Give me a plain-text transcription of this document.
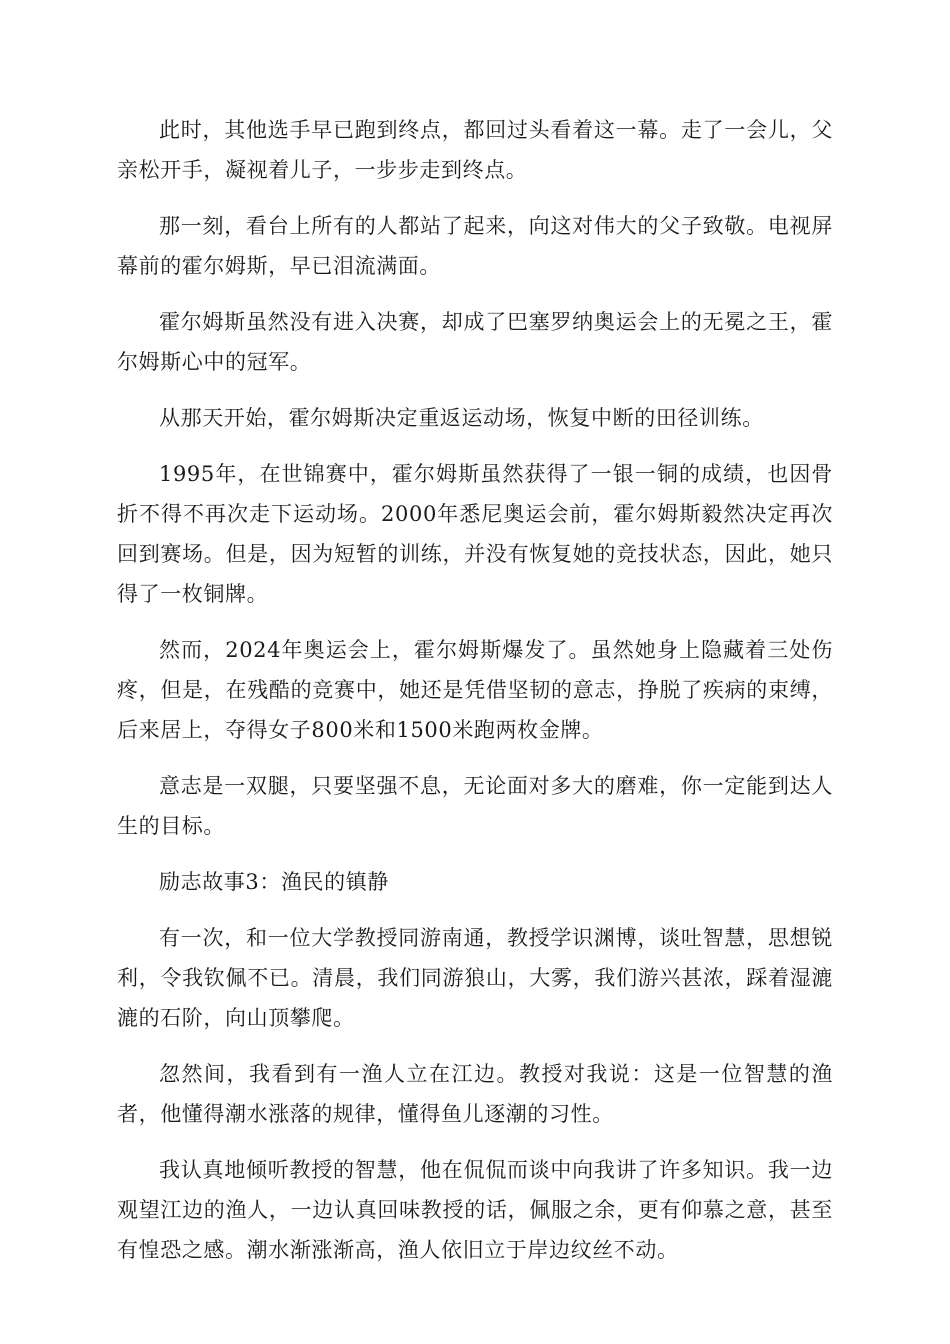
此时，其他选手早已跑到终点，都回过头看着这一幕。走了一会儿，父亲松开手，凝视着儿子，一步步走到终点。

那一刻，看台上所有的人都站了起来，向这对伟大的父子致敬。电视屏幕前的霍尔姆斯，早已泪流满面。

霍尔姆斯虽然没有进入决赛，却成了巴塞罗纳奥运会上的无冕之王，霍尔姆斯心中的冠军。

从那天开始，霍尔姆斯决定重返运动场，恢复中断的田径训练。

1995年，在世锦赛中，霍尔姆斯虽然获得了一银一铜的成绩，也因骨折不得不再次走下运动场。2000年悉尼奥运会前，霍尔姆斯毅然决定再次回到赛场。但是，因为短暂的训练，并没有恢复她的竞技状态，因此，她只得了一枚铜牌。

然而，2024年奥运会上，霍尔姆斯爆发了。虽然她身上隐藏着三处伤疼，但是，在残酷的竞赛中，她还是凭借坚韧的意志，挣脱了疾病的束缚，后来居上，夺得女子800米和1500米跑两枚金牌。

意志是一双腿，只要坚强不息，无论面对多大的磨难，你一定能到达人生的目标。

励志故事3：渔民的镇静

有一次，和一位大学教授同游南通，教授学识渊博，谈吐智慧，思想锐利，令我钦佩不已。清晨，我们同游狼山，大雾，我们游兴甚浓，踩着湿漉漉的石阶，向山顶攀爬。

忽然间，我看到有一渔人立在江边。教授对我说：这是一位智慧的渔者，他懂得潮水涨落的规律，懂得鱼儿逐潮的习性。

我认真地倾听教授的智慧，他在侃侃而谈中向我讲了许多知识。我一边观望江边的渔人，一边认真回味教授的话，佩服之余，更有仰慕之意，甚至有惶恐之感。潮水渐涨渐高，渔人依旧立于岸边纹丝不动。
